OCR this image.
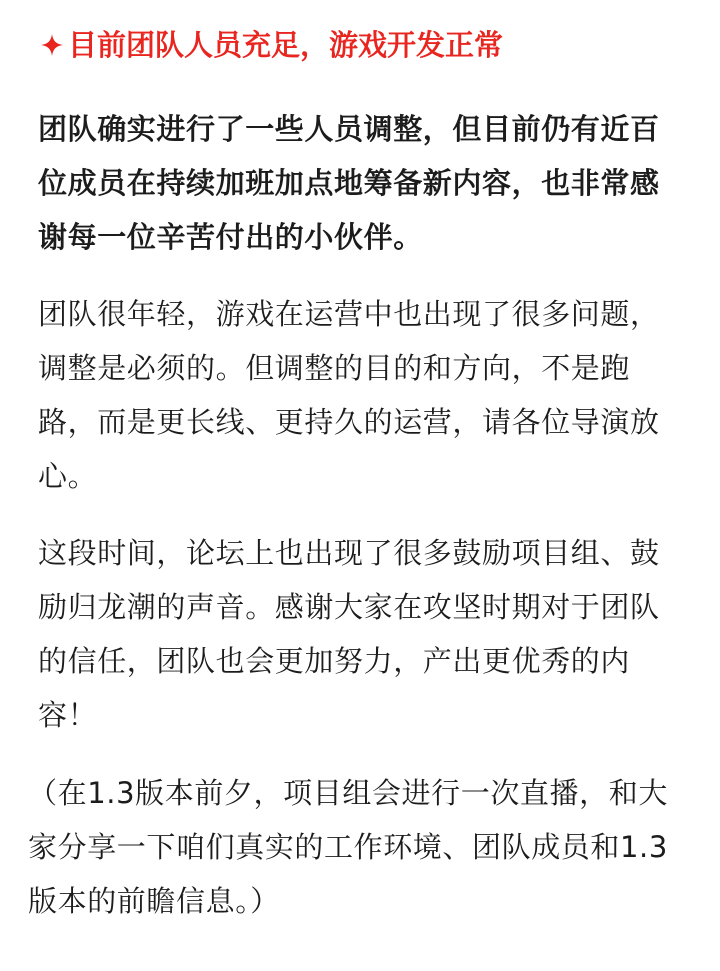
目前团队人员充足，游戏开发正常

团队确实进行了一些人员调整，但目前仍有近百位成员在持续加班加点地筹备新内容，也非常感谢每一位辛苦付出的小伙伴。

团队很年轻，游戏在运营中也出现了很多问题，调整是必须的。但调整的目的和方向，不是跑路，而是更长线、更持久的运营，请各位导演放心。

这段时间，论坛上也出现了很多鼓励项目组、鼓励归龙潮的声音。感谢大家在攻坚时期对于团队的信任，团队也会更加努力，产出更优秀的内容！

（在1.3版本前夕，项目组会进行一次直播，和大家分享一下咱们真实的工作环境、团队成员和1.3版本的前瞻信息。）
